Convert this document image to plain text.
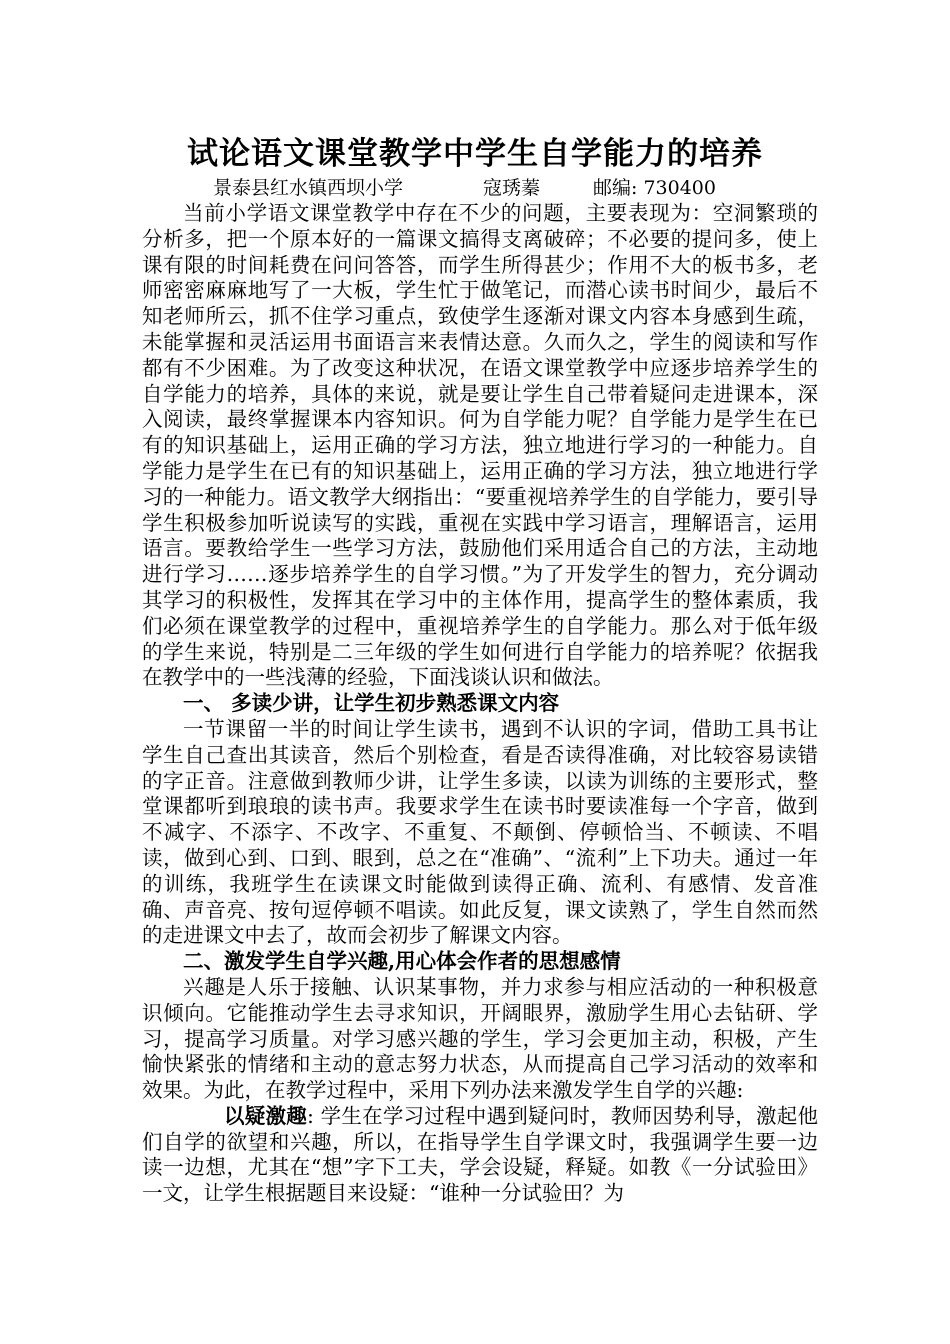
试论语文课堂教学中学生自学能力的培养
景泰县红水镇西坝小学	寇琇蓁	邮编: 730400

当前小学语文课堂教学中存在不少的问题，主要表现为：空洞繁琐的分析多，把一个原本好的一篇课文搞得支离破碎；不必要的提问多，使上课有限的时间耗费在问问答答，而学生所得甚少；作用不大的板书多，老师密密麻麻地写了一大板，学生忙于做笔记，而潜心读书时间少，最后不知老师所云，抓不住学习重点，致使学生逐渐对课文内容本身感到生疏，未能掌握和灵活运用书面语言来表情达意。久而久之，学生的阅读和写作都有不少困难。为了改变这种状况，在语文课堂教学中应逐步培养学生的自学能力的培养，具体的来说，就是要让学生自己带着疑问走进课本，深入阅读，最终掌握课本内容知识。何为自学能力呢？自学能力是学生在已有的知识基础上，运用正确的学习方法，独立地进行学习的一种能力。自学能力是学生在已有的知识基础上，运用正确的学习方法，独立地进行学习的一种能力。语文教学大纲指出：“要重视培养学生的自学能力，要引导学生积极参加听说读写的实践，重视在实践中学习语言，理解语言，运用语言。要教给学生一些学习方法，鼓励他们采用适合自己的方法，主动地进行学习……逐步培养学生的自学习惯。”为了开发学生的智力，充分调动其学习的积极性，发挥其在学习中的主体作用，提高学生的整体素质，我们必须在课堂教学的过程中，重视培养学生的自学能力。那么对于低年级的学生来说，特别是二三年级的学生如何进行自学能力的培养呢？依据我在教学中的一些浅薄的经验，下面浅谈认识和做法。

一、 多读少讲，让学生初步熟悉课文内容

一节课留一半的时间让学生读书，遇到不认识的字词，借助工具书让学生自己查出其读音，然后个别检查，看是否读得准确，对比较容易读错的字正音。注意做到教师少讲，让学生多读，以读为训练的主要形式，整堂课都听到琅琅的读书声。我要求学生在读书时要读准每一个字音，做到不减字、不添字、不改字、不重复、不颠倒、停顿恰当、不顿读、不唱读，做到心到、口到、眼到，总之在“准确”、“流利”上下功夫。通过一年的训练，我班学生在读课文时能做到读得正确、流利、有感情、发音准确、声音亮、按句逗停顿不唱读。如此反复，课文读熟了，学生自然而然的走进课文中去了，故而会初步了解课文内容。

二、激发学生自学兴趣,用心体会作者的思想感情

兴趣是人乐于接触、认识某事物，并力求参与相应活动的一种积极意识倾向。它能推动学生去寻求知识，开阔眼界，激励学生用心去钻研、学习，提高学习质量。对学习感兴趣的学生，学习会更加主动，积极，产生愉快紧张的情绪和主动的意志努力状态，从而提高自己学习活动的效率和效果。为此，在教学过程中，采用下列办法来激发学生自学的兴趣:

以疑激趣: 学生在学习过程中遇到疑问时，教师因势利导，激起他们自学的欲望和兴趣，所以，在指导学生自学课文时，我强调学生要一边读一边想，尤其在“想”字下工夫，学会设疑，释疑。如教《一分试验田》一文，让学生根据题目来设疑：“谁种一分试验田？为
